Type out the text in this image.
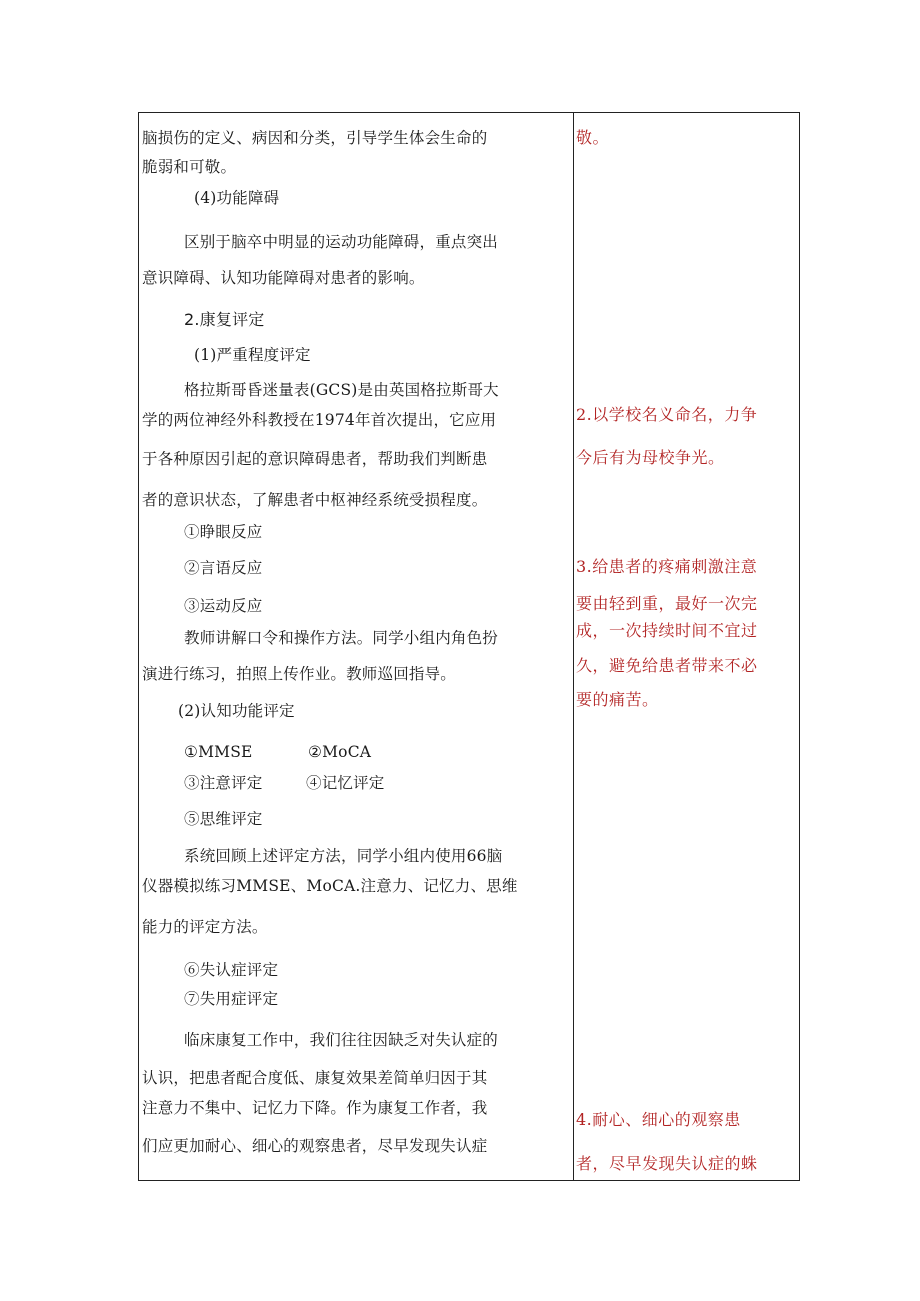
脑损伤的定义、病因和分类，引导学生体会生命的
脆弱和可敬。
(4)功能障碍
区别于脑卒中明显的运动功能障碍，重点突出
意识障碍、认知功能障碍对患者的影响。
2.康复评定
(1)严重程度评定
格拉斯哥昏迷量表(GCS)是由英国格拉斯哥大
学的两位神经外科教授在1974年首次提出，它应用
于各种原因引起的意识障碍患者，帮助我们判断患
者的意识状态，了解患者中枢神经系统受损程度。
①睁眼反应
②言语反应
③运动反应
教师讲解口令和操作方法。同学小组内角色扮
演进行练习，拍照上传作业。教师巡回指导。
(2)认知功能评定
①MMSE	②MoCA
③注意评定	④记忆评定
⑤思维评定
系统回顾上述评定方法，同学小组内使用66脑
仪器模拟练习MMSE、MoCA.注意力、记忆力、思维
能力的评定方法。
⑥失认症评定
⑦失用症评定
临床康复工作中，我们往往因缺乏对失认症的
认识，把患者配合度低、康复效果差简单归因于其
注意力不集中、记忆力下降。作为康复工作者，我
们应更加耐心、细心的观察患者，尽早发现失认症
敬。
2.以学校名义命名，力争
今后有为母校争光。
3.给患者的疼痛刺激注意
要由轻到重，最好一次完
成，一次持续时间不宜过
久，避免给患者带来不必
要的痛苦。
4.耐心、细心的观察患
者，尽早发现失认症的蛛
